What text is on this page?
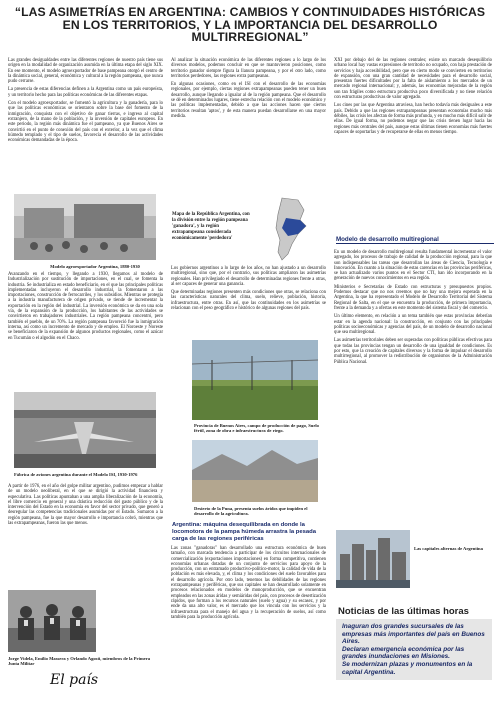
“LAS ASIMETRÍAS EN ARGENTINA: CAMBIOS Y CONTINUIDADES HISTÓRICAS EN LOS TERRITORIOS, Y LA IMPORTANCIA DEL DESARROLLO MULTIRREGIONAL”

Las grandes desigualdades entre las diferentes regiones de nuestro país tiene sus origen en la modalidad de organización asumida en la última etapa del siglo XIX. En ese momento, el modelo agroexportador de base pampeana otorgó el centro de la dinámica social, general, económica y cultural a la región pampeana, que nunca pudo cerrarse.

La presencia de estas diferencias definen a la Argentina como un país europeísta, y un territorio hecho para las políticas económicas de las diferentes etapas.

Con el modelo agroexportador, se fomentó la agricultura y la ganadería, para lo que las políticas económicas se orientaron sobre la base del fomento de la inmigración, conquista con el objetivo de ganar tierras, e ingreso al capital extranjero, de la mano de la población, y la inversión de capitales europeos. En este periodo, la región más dinámica fue el pampeano, ya que Buenos Aires se convirtió en el punto de conexión del país con el exterior, a la vez que el clima húmedo templado y el tipo de suelos, favorecía el desarrollo de las actividades económicas demandadas de la época.

Modelo agroexportador Argentina, 1880-1930

Avanzando en el tiempo, y llegando a 1930, llegamos al modelo de Industrialización por sustitución de importaciones, en el cual, se fomenta la industria. Se industrializa en estado beneficiario, en el que las principales políticas implementadas incluyeron el desarrollo industrial, la fomentaron a las importaciones, construcción de ferrocarriles, y los subsidios. Mientras se protegía a la industria manufacturera de origen privado, se tiende de incrementar la exportación en la región del industrial. La inversión económica se da en una sola vía, de la expansión de la producción, los habitantes de las actividades se convirtieron en trabajadores industriales. La región pampeana concentró, pero también el pueblo, de un 70%. La región pampeana favoreció fue la inmigración interna, así como un incremento de mercado y de empleo. El Noroeste y Noreste se beneficiaron de la expansión de algunos productos regionales, como el azúcar en Tucumán o el algodón en el Chaco.

Fábrica de aviones argentina durante el Modelo ISI, 1930-1976

A partir de 1976, en el año del golpe militar argentino, pudimos empezar a hablar de un modelo neoliberal, en el que se dirigió la actividad financiera y especulativa. Las políticas apuntaban a una amplia liberalización de la economía, el libre comercio en general y una drástica reducción del gasto público y de la intervención del Estado en la economía en favor del sector privado, que generó a desregular las competencias tradicionales asumidas por el Estado. Sumaron a la región pampeana, fue la que mayor desarrollo e importancia cobró, mientras que las extrapampeanas, fueron las que menos.

Jorge Videla, Emilio Massera y Orlando Agosti, miembros de la Primera Junta Militar
El país

Al analizar la situación económica de las diferentes regiones a lo largo de los diversos modelos, podemos concluir en que se mantuvieron posiciones, como territorio ganador siempre figura la llanura pampeana, y por el otro lado, como territorios perdedores, las regiones extra pampeanas.

En algunas ocasiones, como en el ISI con el desarrollo de las economías regionales, por ejemplo, ciertas regiones extrapampeanas pueden tener un buen desarrollo, aunque llegando a igualar al de la región pampeana. Que el desarrollo se dé en determinados lugares, tiene estrecha relación con el modelo económico y las políticas implementadas, debido a que las acciones hacen que ciertos territorios resultan 'aptos', y de esta manera puedan desarrollarse en una mayor medida.

Mapa de la República Argentina, con la división entre la región pampeana 'ganadora', y la región extrapampeana considerada económicamente 'perdedora'

Los gobiernos argentinos a lo largo de los años, no han ajustado a un desarrollo multiregional, sino que, por el contrario, sus políticas ampliaron las asimetrías regionales. Han privilegiado el desarrollo de determinadas regiones frente a otras, al ser capaces de generar una ganancia.

Que determinadas regiones presenten más condiciones que otras, se relaciona con las características naturales del clima, suelo, relieve, población, historia, infraestructura, entre otras. En así, que las continuidades en los asimetrías se relacionan con el peso geográfico e histórico de algunas regiones del país.

Provincia de Buenos Aires, campo de producción de pago, Suelo fértil, zona de obra e infraestructura de riego.
Desierto de la Puna, presenta suelos áridos que impiden el desarrollo de la agricultura.
Argentina: máquina desequilibrada en donde la locomotora de la pampa húmeda arrastra la pesada carga de las regiones periféricas

Las zonas "ganadoras" han desarrollado una estructura económica de buen tamaño, con marcada tendencia a participar de los circuitos internacionales de comercialización (exportaciones importaciones) en forma competitiva, contienen economías urbanas dotadas de un conjunto de servicios para apoyo de la producción, con un entramado productivo-político-motor, la calidad de vida de la población es más elevada, y, el clima y los condiciones del suelo favorables para el desarrollo agrícola. Por otro lado, tenemos las debilidades de las regiones extrapampeanas y periféricas, que sus capitales se han desarrollado solamente en procesos relacionados en modelos de monoproducción, que se encuentran empleados en las zonas áridas y semiáridas del país, con procesos de desertización rápidos, que forman a los recursos naturales (suelo y agua) y su escasez, y por ende da una alto valor, es el mercado que los vincula con los servicios y la infraestructura para el manejo del agua y la recuperación de suelos, así como también para la producción agrícola.

XXI por debajo del de las regiones centrales; existe un marcado desequilibrio urbano local hay vastas expresiones de territorio no ocupado, con baja prestación de servicios y baja accesibilidad, pero que en cierto modo se convierten en territorios de expansión, con una gran cantidad de necesidades para el desarrollo social, presentan fuertes dificultades por la falta de aislamiento a los mercados de un mercado regional internacional; y, además, las economías mejoradas de la región son tan frágiles como estructura productiva poco diversificada y no tiene relación con estructuras productivas de valor agregado.

Los cines por las que Argentina atraviesa, han hecho todavía más desiguales a este país. Debido a que las regiones extrapampeanas presentan economías mucho más débiles, las crisis les afectan de forma más profunda, y en mucho más difícil salir de ellas. De igual forma, no podemos negar que las crisis tienen lugar hacia las regiones más centrales del país, aunque estas últimas tienen economías más fuertes capaces de soportarlas y de recuperarse de ellas en menos tiempo.

Modelo de desarrollo multiregional

En un modelo de desarrollo multiregional resulta fundamental incrementar el valor agregado, los procesos de trabajo de calidad de la producción regional, para la que son indispensables las tareas que desarrollan las áreas de Ciencia, Tecnología e Innovación. En cuanto a la situación de estas carencias en las provincias periféricas, se han actualizado varios puntos en el Sector CTI, han ido incorporando en la generación de nuevos conocimientos en esa región.

Ministerios e Secretarías de Estado con estructuras y presupuestos propios. Podemos destacar que no nos creemos que no hay una mejora esperada en la Argentina, la que ha representado el Modelo de Desarrollo Territorial del Sistema Regional de Salta, en el que se encuentra la producción, de primera importancia, frente a la demanda y a ofertas en este momento del sistema fiscal y del comercio.

Un último elemento, en relación a un tema también que estas provincias deberían estar en la agenda nacional: la construcción, en conjunto con las principales políticas socioeconómicas y agencias del país, de un modelo de desarrollo nacional que sea multiregional.

Las asimetrías territoriales deben ser superadas con políticas públicas efectivas para que todas las provincias tengan un desarrollo de una igualdad de condiciones. Es por esto, que la creación de capitales diversos y la forma de impulsar el desarrollo multirregional, al promover la redistribución de organismos de la Administración Pública Nacional.

Las capitales alternas de Argentina
Noticias de las últimas horas
Inaguran dos grandes sucursales de las empresas más importantes del país en Buenos Aires.
Declaran emergencia económica por las grandes inundaciones en Misiones.
Se modernizan plazas y monumentos en la capital Argentina.
